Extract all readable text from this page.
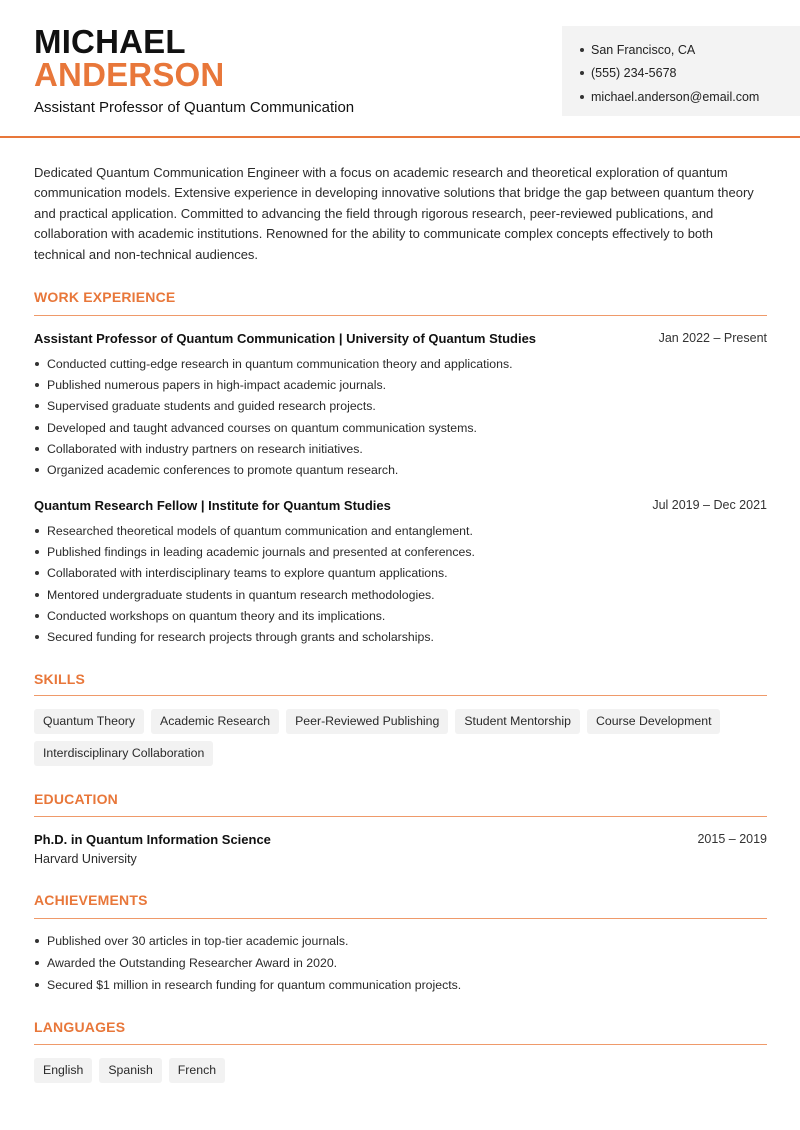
MICHAEL
ANDERSON
Assistant Professor of Quantum Communication
San Francisco, CA
(555) 234-5678
michael.anderson@email.com

Dedicated Quantum Communication Engineer with a focus on academic research and theoretical exploration of quantum communication models. Extensive experience in developing innovative solutions that bridge the gap between quantum theory and practical application. Committed to advancing the field through rigorous research, peer-reviewed publications, and collaboration with academic institutions. Renowned for the ability to communicate complex concepts effectively to both technical and non-technical audiences.

WORK EXPERIENCE
Assistant Professor of Quantum Communication | University of Quantum Studies	Jan 2022 – Present
Conducted cutting-edge research in quantum communication theory and applications.
Published numerous papers in high-impact academic journals.
Supervised graduate students and guided research projects.
Developed and taught advanced courses on quantum communication systems.
Collaborated with industry partners on research initiatives.
Organized academic conferences to promote quantum research.
Quantum Research Fellow | Institute for Quantum Studies	Jul 2019 – Dec 2021
Researched theoretical models of quantum communication and entanglement.
Published findings in leading academic journals and presented at conferences.
Collaborated with interdisciplinary teams to explore quantum applications.
Mentored undergraduate students in quantum research methodologies.
Conducted workshops on quantum theory and its implications.
Secured funding for research projects through grants and scholarships.
SKILLS
Quantum Theory	Academic Research	Peer-Reviewed Publishing	Student Mentorship	Course Development
Interdisciplinary Collaboration
EDUCATION
Ph.D. in Quantum Information Science	2015 – 2019
Harvard University
ACHIEVEMENTS
Published over 30 articles in top-tier academic journals.
Awarded the Outstanding Researcher Award in 2020.
Secured $1 million in research funding for quantum communication projects.
LANGUAGES
English	Spanish	French
